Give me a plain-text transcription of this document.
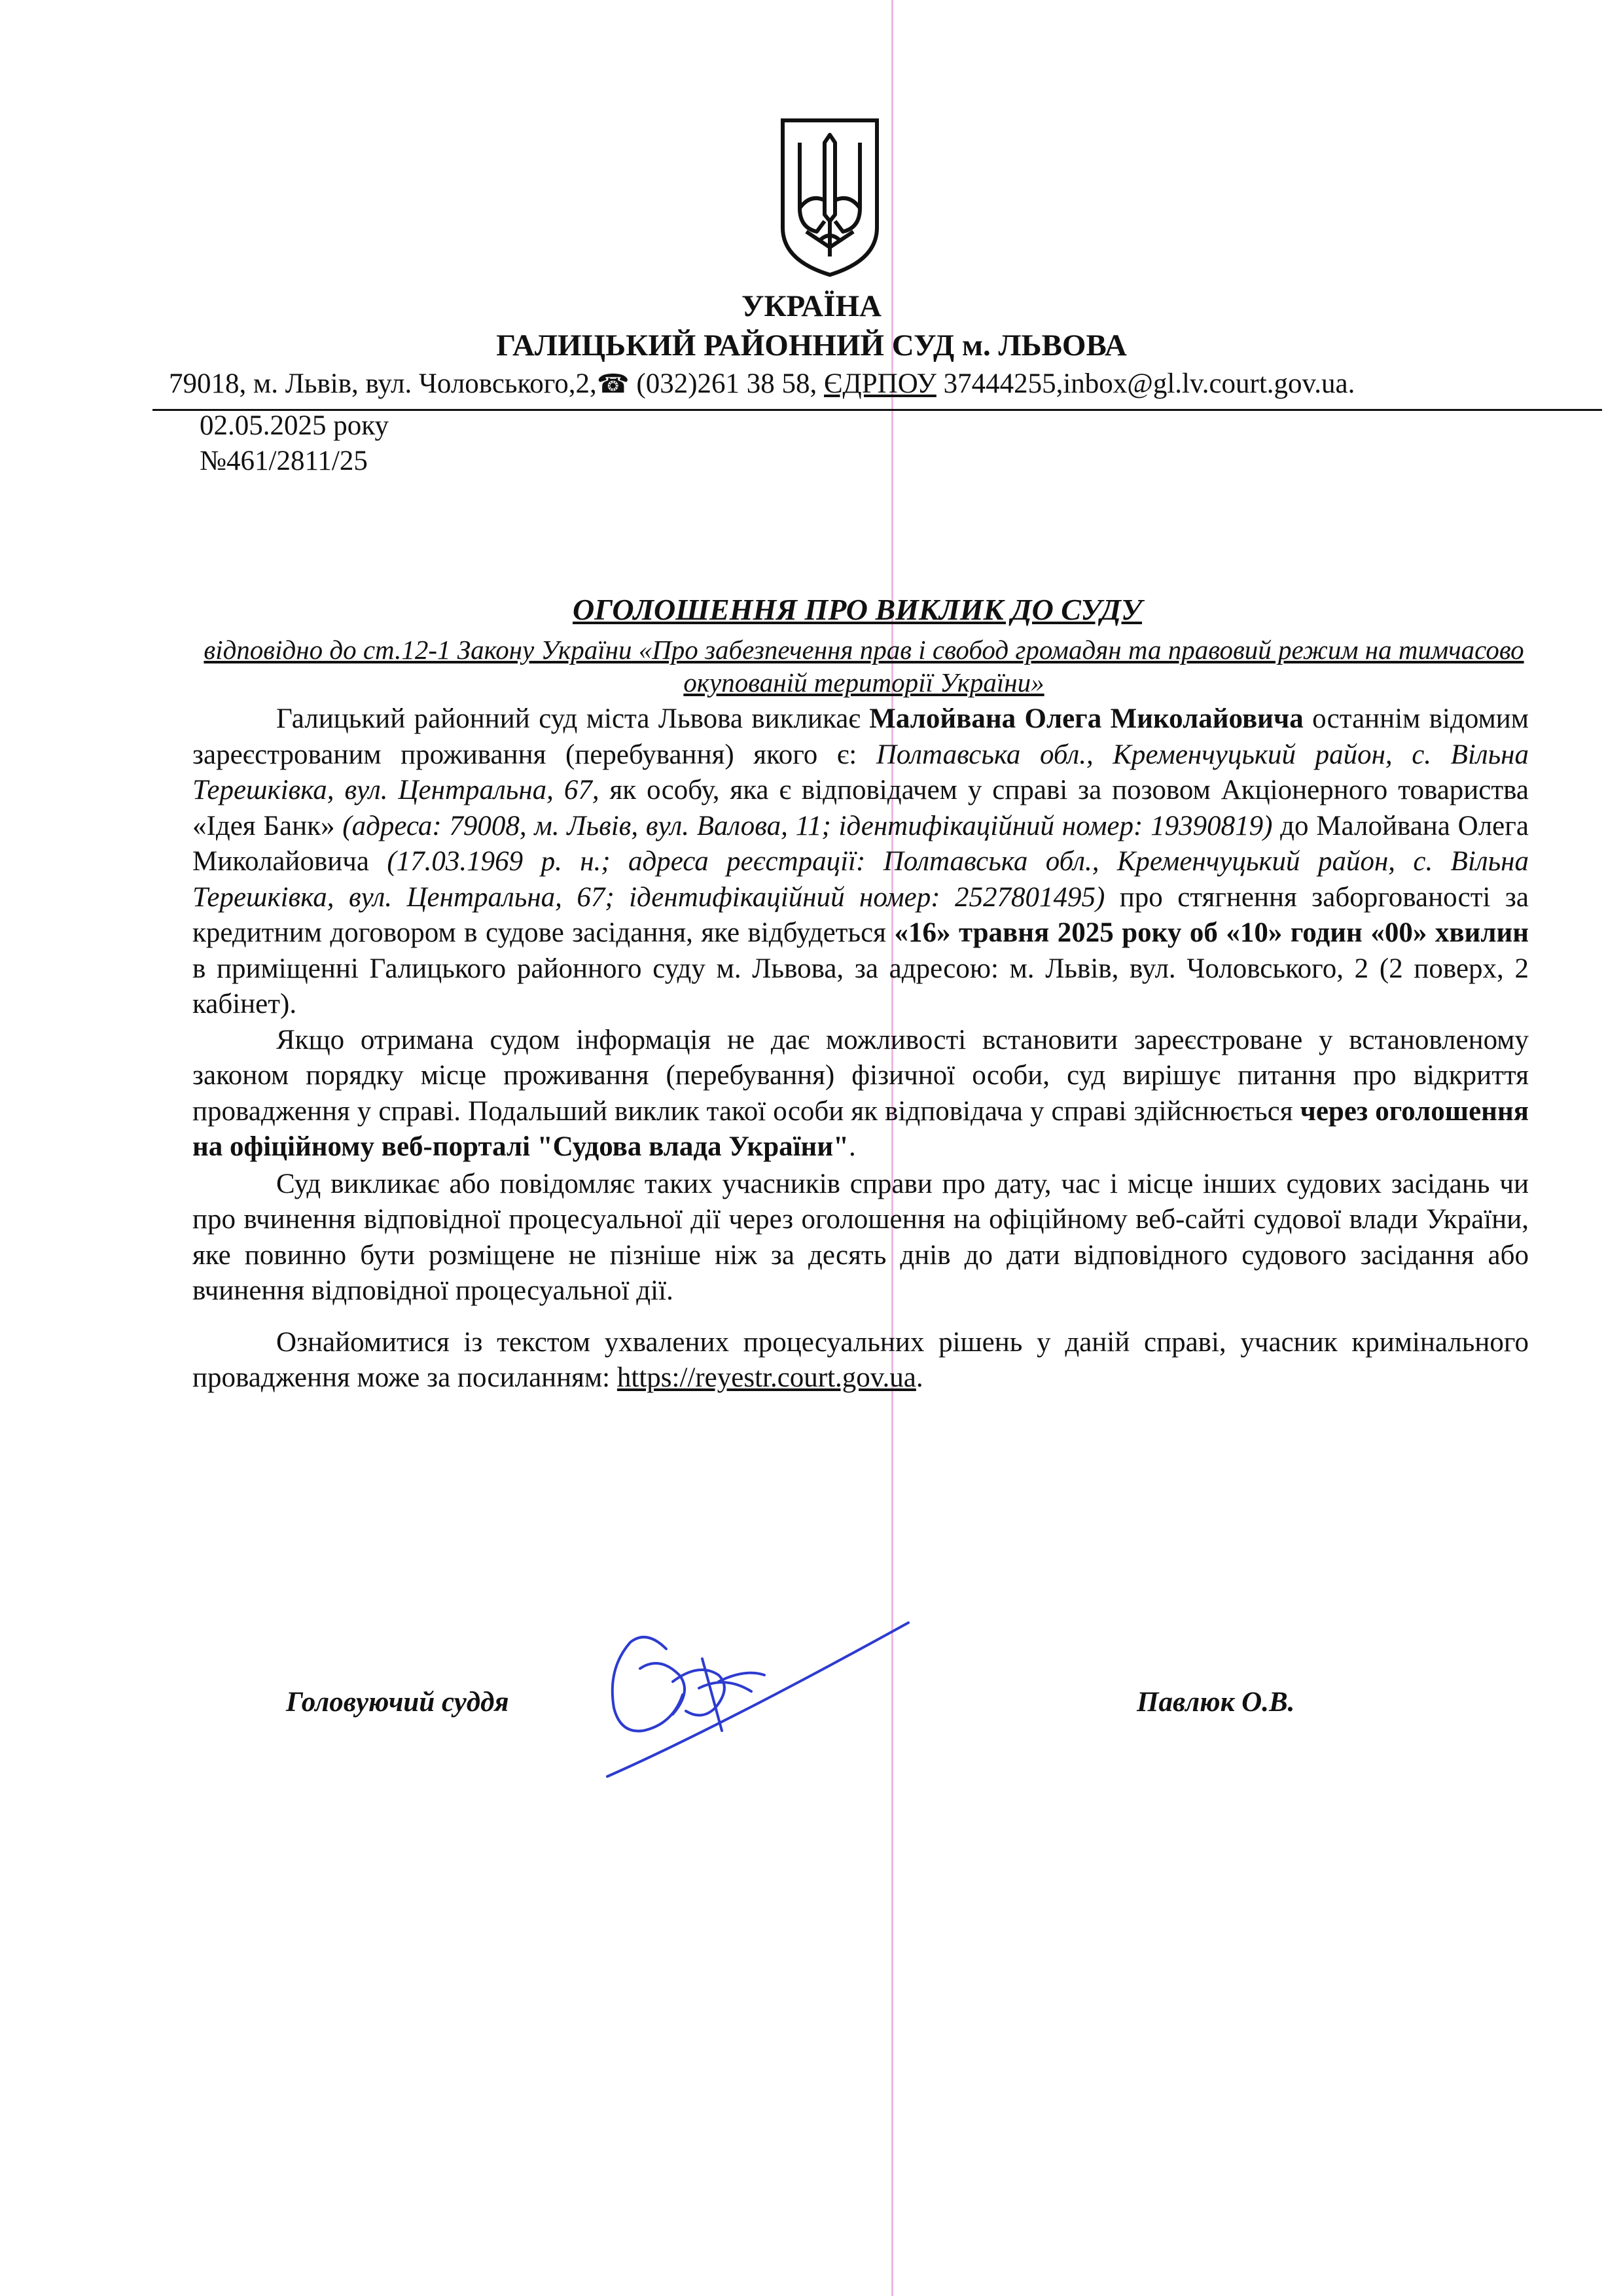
УКРАЇНА
ГАЛИЦЬКИЙ РАЙОННИЙ СУД м. ЛЬВОВА
79018, м. Львів, вул. Чоловського,2,☎ (032)261 38 58, ЄДРПОУ 37444255,inbox@gl.lv.court.gov.ua.
02.05.2025 року
№461/2811/25
ОГОЛОШЕННЯ ПРО ВИКЛИК ДО СУДУ
відповідно до ст.12-1 Закону України «Про забезпечення прав і свобод громадян та правовий режим на тимчасово окупованій території України»

Галицький районний суд міста Львова викликає Малойвана Олега Миколайовича останнім відомим зареєстрованим проживання (перебування) якого є: Полтавська обл., Кременчуцький район, с. Вільна Терешківка, вул. Центральна, 67, як особу, яка є відповідачем у справі за позовом Акціонерного товариства «Ідея Банк» (адреса: 79008, м. Львів, вул. Валова, 11; ідентифікаційний номер: 19390819) до Малойвана Олега Миколайовича (17.03.1969 р. н.; адреса реєстрації: Полтавська обл., Кременчуцький район, с. Вільна Терешківка, вул. Центральна, 67; ідентифікаційний номер: 2527801495) про стягнення заборгованості за кредитним договором в судове засідання, яке відбудеться «16» травня 2025 року об «10» годин «00» хвилин в приміщенні Галицького районного суду м. Львова, за адресою: м. Львів, вул. Чоловського, 2 (2 поверх, 2 кабінет).

Якщо отримана судом інформація не дає можливості встановити зареєстроване у встановленому законом порядку місце проживання (перебування) фізичної особи, суд вирішує питання про відкриття провадження у справі. Подальший виклик такої особи як відповідача у справі здійснюється через оголошення на офіційному веб-порталі "Судова влада України".

Суд викликає або повідомляє таких учасників справи про дату, час і місце інших судових засідань чи про вчинення відповідної процесуальної дії через оголошення на офіційному веб-сайті судової влади України, яке повинно бути розміщене не пізніше ніж за десять днів до дати відповідного судового засідання або вчинення відповідної процесуальної дії.

Ознайомитися із текстом ухвалених процесуальних рішень у даній справі, учасник кримінального провадження може за посиланням: https://reyestr.court.gov.ua.

Головуючий суддя	Павлюк О.В.
